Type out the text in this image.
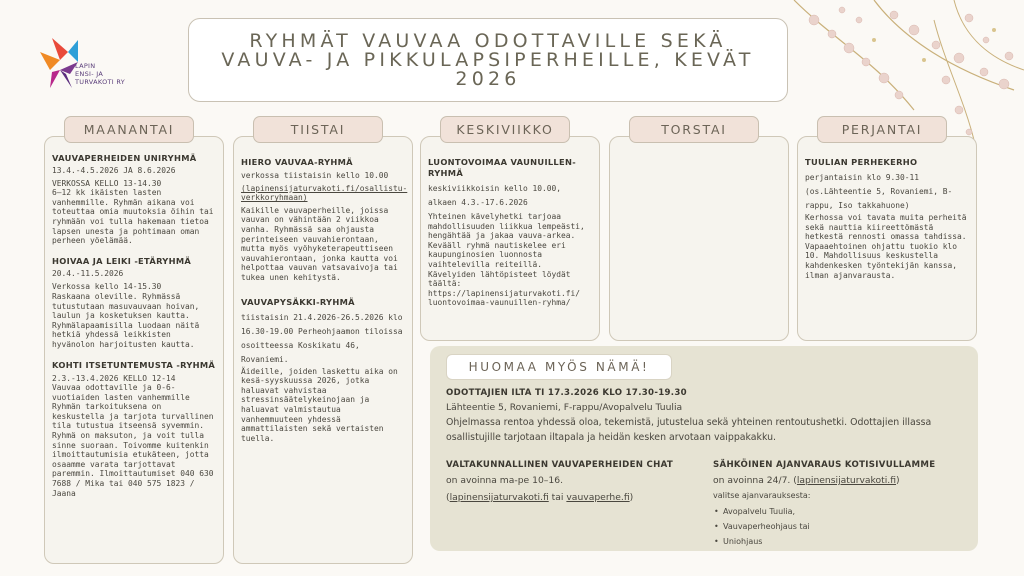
LAPIN
ENSI- JA
TURVAKOTI RY
RYHMÄT VAUVAA ODOTTAVILLE SEKÄ VAUVA- JA PIKKULAPSIPERHEILLE, KEVÄT 2026
MAANANTAI	TIISTAI	KESKIVIIKKO	TORSTAI	PERJANTAI
VAUVAPERHEIDEN UNIRYHMÄ
13.4.-4.5.2026 JA 8.6.2026
VERKOSSA KELLO 13-14.30
6–12 kk ikäisten lasten vanhemmille. Ryhmän aikana voi toteuttaa omia muutoksia öihin tai ryhmään voi tulla hakemaan tietoa lapsen unesta ja pohtimaan oman perheen yöelämää.
HOIVAA JA LEIKI -ETÄRYHMÄ
20.4.-11.5.2026
Verkossa kello 14-15.30
Raskaana oleville. Ryhmässä tutustutaan masuvauvaan hoivan, laulun ja kosketuksen kautta. Ryhmälapaamisilla luodaan näitä hetkiä yhdessä leikkisten hyvänolon harjoitusten kautta.
KOHTI ITSETUNTEMUSTA -RYHMÄ
2.3.-13.4.2026 KELLO 12-14
Vauvaa odottaville ja 0-6-vuotiaiden lasten vanhemmille Ryhmän tarkoituksena on keskustella ja tarjota turvallinen tila tutustua itseensä syvemmin. Ryhmä on maksuton, ja voit tulla sinne suoraan. Toivomme kuitenkin ilmoittautumisia etukäteen, jotta osaamme varata tarjottavat paremmin. Ilmoittautumiset 040 630 7688 / Mika tai 040 575 1823 / Jaana
HIERO VAUVAA-RYHMÄ
verkossa tiistaisin kello 10.00
(lapinensijaturvakoti.fi/osallistu-verkkoryhmaan)
Kaikille vauvaperheille, joissa vauvan on vähintään 2 viikkoa vanha. Ryhmässä saa ohjausta perinteiseen vauvahierontaan, mutta myös vyöhyketerapeuttiseen vauvahierontaan, jonka kautta voi helpottaa vauvan vatsavaivoja tai tukea unen kehitystä.
VAUVAPYSÄKKI-RYHMÄ
tiistaisin 21.4.2026-26.5.2026 klo 16.30-19.00 Perheohjaamon tiloissa osoitteessa Koskikatu 46, Rovaniemi.
Äideille, joiden laskettu aika on kesä-syyskuussa 2026, jotka haluavat vahvistaa stressinsäätelykeinojaan ja haluavat valmistautua vanhemmuuteen yhdessä ammattilaisten sekä vertaisten tuella.
LUONTOVOIMAA VAUNUILLEN-RYHMÄ
keskiviikkoisin kello 10.00, alkaen 4.3.-17.6.2026
Yhteinen kävelyhetki tarjoaa mahdollisuuden liikkua lempeästi, hengähtää ja jakaa vauva-arkea. Kevääll ryhmä nautiskelee eri kaupunginosien luonnosta vaihtelevilla reiteillä. Kävelyiden lähtöpisteet löydät täältä: https://lapinensijaturvakoti.fi/ luontovoimaa-vaunuillen-ryhma/
TUULIAN PERHEKERHO
perjantaisin klo 9.30-11 (os.Lähteentie 5, Rovaniemi, B-rappu, Iso takkahuone)
Kerhossa voi tavata muita perheitä sekä nauttia kiireettömästä hetkestä rennosti omassa tahdissa. Vapaaehtoinen ohjattu tuokio klo 10. Mahdollisuus keskustella kahdenkesken työntekijän kanssa, ilman ajanvarausta.
HUOMAA MYÖS NÄMÄ!
ODOTTAJIEN ILTA TI 17.3.2026 KLO 17.30-19.30
Lähteentie 5, Rovaniemi, F-rappu/Avopalvelu Tuulia
Ohjelmassa rentoa yhdessä oloa, tekemistä, jutustelua sekä yhteinen rentoutushetki. Odottajien illassa osallistujille tarjotaan iltapala ja heidän kesken arvotaan vaippakakku.
VALTAKUNNALLINEN VAUVAPERHEIDEN CHAT
on avoinna ma-pe 10–16.
(lapinensijaturvakoti.fi tai vauvaperhe.fi)
SÄHKÖINEN AJANVARAUS KOTISIVULLAMME
on avoinna 24/7. (lapinensijaturvakoti.fi)
valitse ajanvarauksesta:
• Avopalvelu Tuulia,
• Vauvaperheohjaus tai
• Uniohjaus
